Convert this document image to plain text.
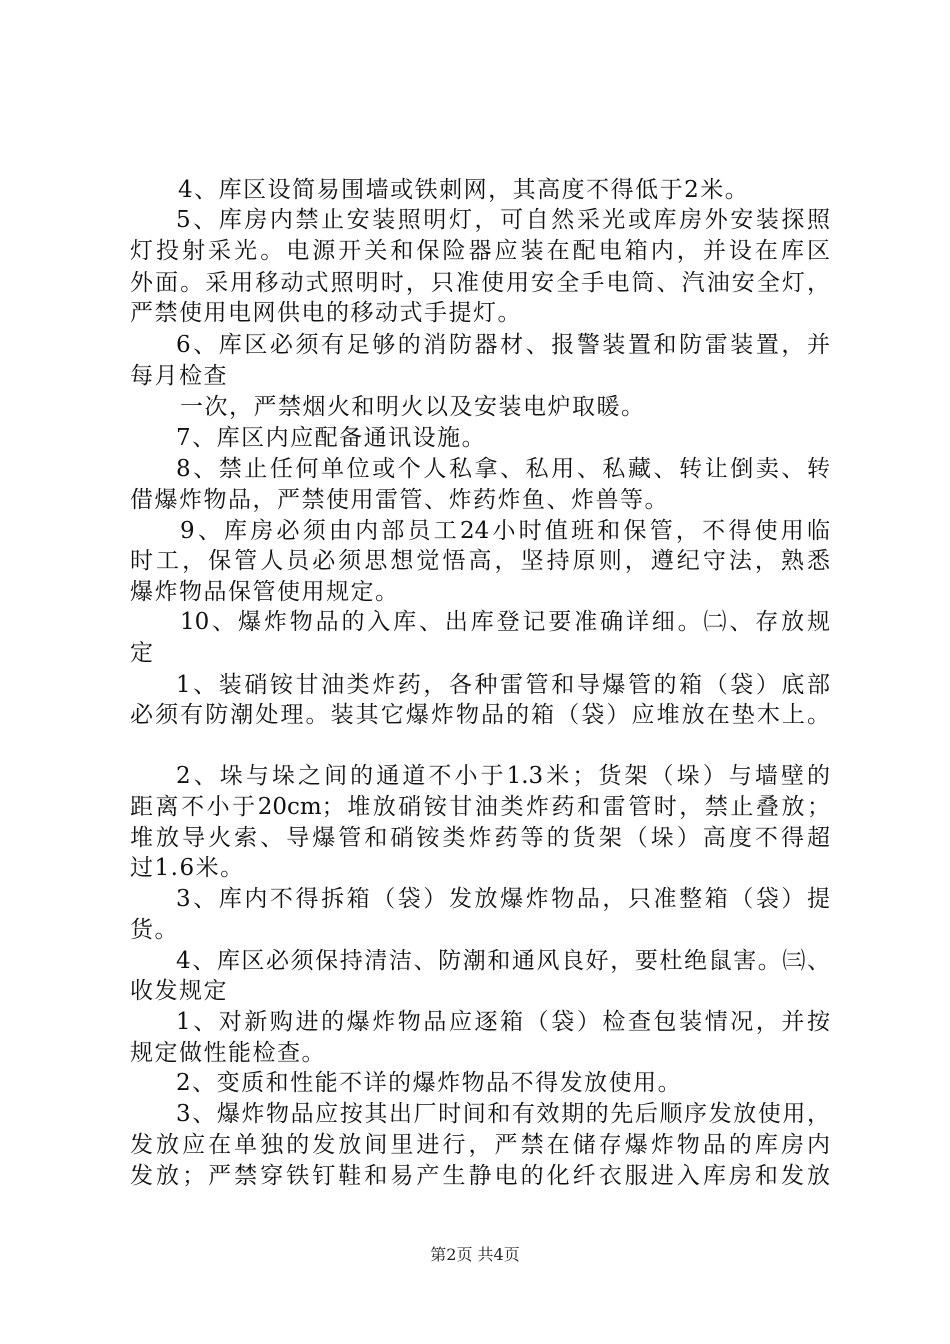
4、库区设简易围墙或铁刺网，其高度不得低于2米。

5、库房内禁止安装照明灯，可自然采光或库房外安装探照

灯投射采光。电源开关和保险器应装在配电箱内，并设在库区

外面。采用移动式照明时，只准使用安全手电筒、汽油安全灯，

严禁使用电网供电的移动式手提灯。

6、库区必须有足够的消防器材、报警装置和防雷装置，并

每月检查

一次，严禁烟火和明火以及安装电炉取暖。

7、库区内应配备通讯设施。

8、禁止任何单位或个人私拿、私用、私藏、转让倒卖、转

借爆炸物品，严禁使用雷管、炸药炸鱼、炸兽等。

9、库房必须由内部员工24小时值班和保管，不得使用临

时工，保管人员必须思想觉悟高，坚持原则，遵纪守法，熟悉

爆炸物品保管使用规定。

10、爆炸物品的入库、出库登记要准确详细。㈡、存放规

定

1、装硝铵甘油类炸药，各种雷管和导爆管的箱（袋）底部

必须有防潮处理。装其它爆炸物品的箱（袋）应堆放在垫木上。

2、垛与垛之间的通道不小于1.3米；货架（垛）与墙壁的

距离不小于20cm；堆放硝铵甘油类炸药和雷管时，禁止叠放；

堆放导火索、导爆管和硝铵类炸药等的货架（垛）高度不得超

过1.6米。

3、库内不得拆箱（袋）发放爆炸物品，只准整箱（袋）提

货。

4、库区必须保持清洁、防潮和通风良好，要杜绝鼠害。㈢、

收发规定

1、对新购进的爆炸物品应逐箱（袋）检查包装情况，并按

规定做性能检查。

2、变质和性能不详的爆炸物品不得发放使用。

3、爆炸物品应按其出厂时间和有效期的先后顺序发放使用，

发放应在单独的发放间里进行，严禁在储存爆炸物品的库房内

发放；严禁穿铁钉鞋和易产生静电的化纤衣服进入库房和发放

第2页 共4页
